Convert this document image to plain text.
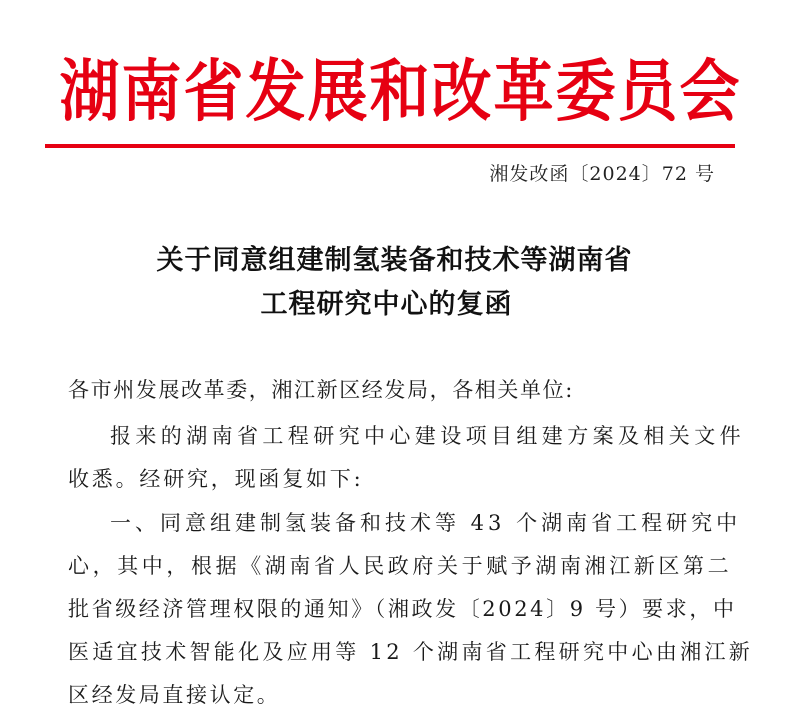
湖南省发展和改革委员会
湘发改函〔2024〕72 号
关于同意组建制氢装备和技术等湖南省
工程研究中心的复函
各市州发展改革委，湘江新区经发局，各相关单位:
报来的湖南省工程研究中心建设项目组建方案及相关文件
收悉。经研究，现函复如下:
一、同意组建制氢装备和技术等 43 个湖南省工程研究中
心，其中，根据《湖南省人民政府关于赋予湖南湘江新区第二
批省级经济管理权限的通知》（湘政发〔2024〕9 号）要求，中
医适宜技术智能化及应用等 12 个湖南省工程研究中心由湘江新
区经发局直接认定。
